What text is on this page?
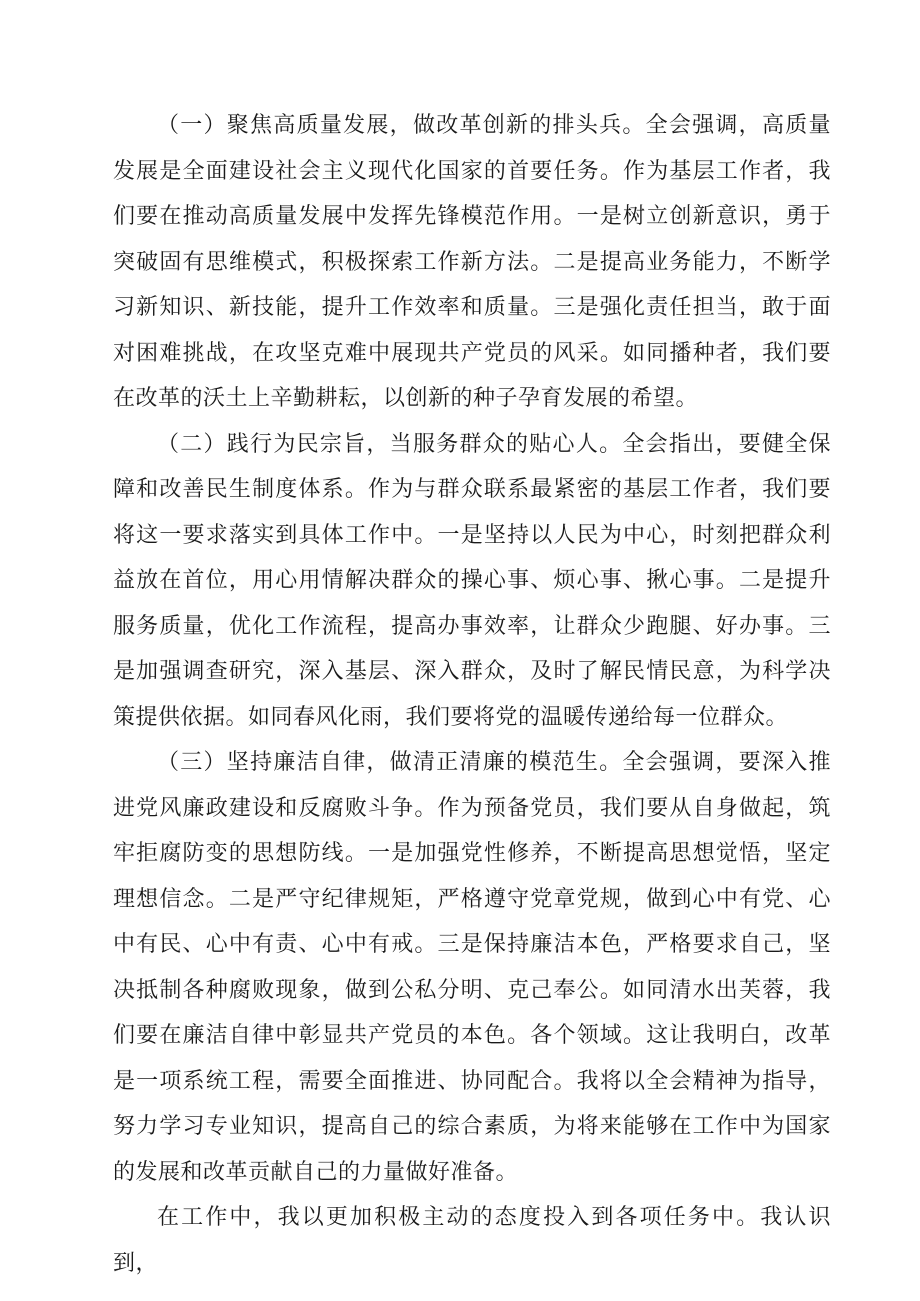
（一）聚焦高质量发展，做改革创新的排头兵。全会强调，高质量发展是全面建设社会主义现代化国家的首要任务。作为基层工作者，我们要在推动高质量发展中发挥先锋模范作用。一是树立创新意识，勇于突破固有思维模式，积极探索工作新方法。二是提高业务能力，不断学习新知识、新技能，提升工作效率和质量。三是强化责任担当，敢于面对困难挑战，在攻坚克难中展现共产党员的风采。如同播种者，我们要在改革的沃土上辛勤耕耘，以创新的种子孕育发展的希望。

（二）践行为民宗旨，当服务群众的贴心人。全会指出，要健全保障和改善民生制度体系。作为与群众联系最紧密的基层工作者，我们要将这一要求落实到具体工作中。一是坚持以人民为中心，时刻把群众利益放在首位，用心用情解决群众的操心事、烦心事、揪心事。二是提升服务质量，优化工作流程，提高办事效率，让群众少跑腿、好办事。三是加强调查研究，深入基层、深入群众，及时了解民情民意，为科学决策提供依据。如同春风化雨，我们要将党的温暖传递给每一位群众。

（三）坚持廉洁自律，做清正清廉的模范生。全会强调，要深入推进党风廉政建设和反腐败斗争。作为预备党员，我们要从自身做起，筑牢拒腐防变的思想防线。一是加强党性修养，不断提高思想觉悟，坚定理想信念。二是严守纪律规矩，严格遵守党章党规，做到心中有党、心中有民、心中有责、心中有戒。三是保持廉洁本色，严格要求自己，坚决抵制各种腐败现象，做到公私分明、克己奉公。如同清水出芙蓉，我们要在廉洁自律中彰显共产党员的本色。各个领域。这让我明白，改革是一项系统工程，需要全面推进、协同配合。我将以全会精神为指导，努力学习专业知识，提高自己的综合素质，为将来能够在工作中为国家的发展和改革贡献自己的力量做好准备。

在工作中，我以更加积极主动的态度投入到各项任务中。我认识到，
